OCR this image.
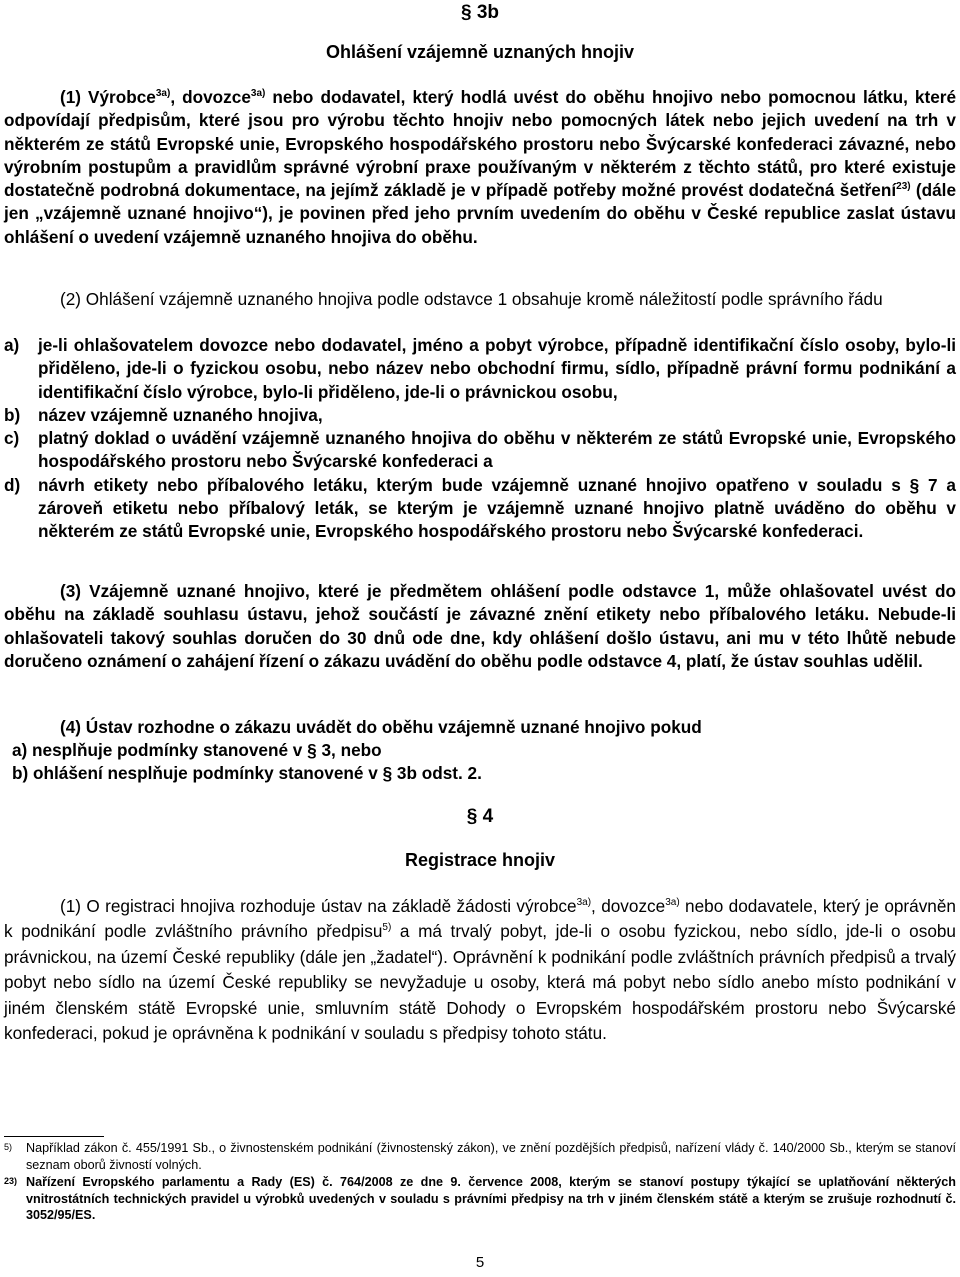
§ 3b
Ohlášení vzájemně uznaných hnojiv
(1) Výrobce$^{3a)}$, dovozce$^{3a)}$ nebo dodavatel, který hodlá uvést do oběhu hnojivo nebo pomocnou látku, které odpovídají předpisům, které jsou pro výrobu těchto hnojiv nebo pomocných látek nebo jejich uvedení na trh v některém ze států Evropské unie, Evropského hospodářského prostoru nebo Švýcarské konfederaci závazné, nebo výrobním postupům a pravidlům správné výrobní praxe používaným v některém z těchto států, pro které existuje dostatečně podrobná dokumentace, na jejímž základě je v případě potřeby možné provést dodatečná šetření$^{23)}$ (dále jen „vzájemně uznané hnojivo“), je povinen před jeho prvním uvedením do oběhu v České republice zaslat ústavu ohlášení o uvedení vzájemně uznaného hnojiva do oběhu.
(2) Ohlášení vzájemně uznaného hnojiva podle odstavce 1 obsahuje kromě náležitostí podle správního řádu
a)	je-li ohlašovatelem dovozce nebo dodavatel, jméno a pobyt výrobce, případně identifikační číslo osoby, bylo-li přiděleno, jde-li o fyzickou osobu, nebo název nebo obchodní firmu, sídlo, případně právní formu podnikání a identifikační číslo výrobce, bylo-li přiděleno, jde-li o právnickou osobu,
b)	název vzájemně uznaného hnojiva,
c)	platný doklad o uvádění vzájemně uznaného hnojiva do oběhu v některém ze států Evropské unie, Evropského hospodářského prostoru nebo Švýcarské konfederaci a
d)	návrh etikety nebo příbalového letáku, kterým bude vzájemně uznané hnojivo opatřeno v souladu s § 7 a zároveň etiketu nebo příbalový leták, se kterým je vzájemně uznané hnojivo platně uváděno do oběhu v některém ze států Evropské unie, Evropského hospodářského prostoru nebo Švýcarské konfederaci.
(3) Vzájemně uznané hnojivo, které je předmětem ohlášení podle odstavce 1, může ohlašovatel uvést do oběhu na základě souhlasu ústavu, jehož součástí je závazné znění etikety nebo příbalového letáku. Nebude-li ohlašovateli takový souhlas doručen do 30 dnů ode dne, kdy ohlášení došlo ústavu, ani mu v této lhůtě nebude doručeno oznámení o zahájení řízení o zákazu uvádění do oběhu podle odstavce 4, platí, že ústav souhlas udělil.
(4) Ústav rozhodne o zákazu uvádět do oběhu vzájemně uznané hnojivo pokud
a) nesplňuje podmínky stanovené v § 3, nebo
b) ohlášení nesplňuje podmínky stanovené v § 3b odst. 2.
§ 4
Registrace hnojiv
(1) O registraci hnojiva rozhoduje ústav na základě žádosti výrobce$^{3a)}$, dovozce$^{3a)}$ nebo dodavatele, který je oprávněn k podnikání podle zvláštního právního předpisu$^{5)}$ a má trvalý pobyt, jde-li o osobu fyzickou, nebo sídlo, jde-li o osobu právnickou, na území České republiky (dále jen „žadatel“). Oprávnění k podnikání podle zvláštních právních předpisů a trvalý pobyt nebo sídlo na území České republiky se nevyžaduje u osoby, která má pobyt nebo sídlo anebo místo podnikání v jiném členském státě Evropské unie, smluvním státě Dohody o Evropském hospodářském prostoru nebo Švýcarské konfederaci, pokud je oprávněna k podnikání v souladu s předpisy tohoto státu.
5)	Například zákon č. 455/1991 Sb., o živnostenském podnikání (živnostenský zákon), ve znění pozdějších předpisů, nařízení vlády č. 140/2000 Sb., kterým se stanoví seznam oborů živností volných.
23) Nařízení Evropského parlamentu a Rady (ES) č. 764/2008 ze dne 9. července 2008, kterým se stanoví postupy týkající se uplatňování některých vnitrostátních technických pravidel u výrobků uvedených v souladu s právními předpisy na trh v jiném členském státě a kterým se zrušuje rozhodnutí č. 3052/95/ES.
5
